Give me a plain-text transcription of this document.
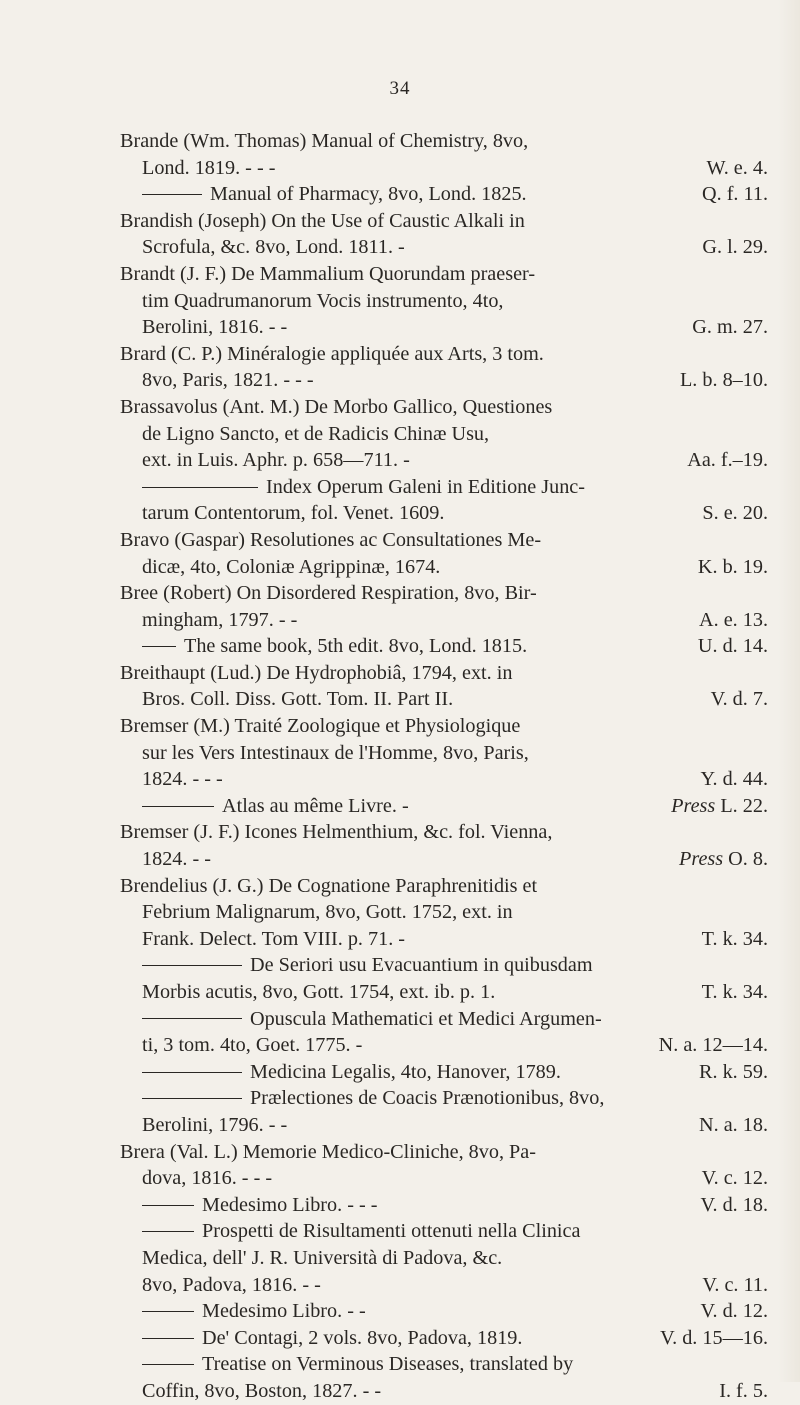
34
Brande (Wm. Thomas) Manual of Chemistry, 8vo,
Lond. 1819. - - -	W. e. 4.
Manual of Pharmacy, 8vo, Lond. 1825.	Q. f. 11.
Brandish (Joseph) On the Use of Caustic Alkali in
Scrofula, &c. 8vo, Lond. 1811. -	G. l. 29.
Brandt (J. F.) De Mammalium Quorundam praeser-
tim Quadrumanorum Vocis instrumento, 4to,
Berolini, 1816. - -	G. m. 27.
Brard (C. P.) Minéralogie appliquée aux Arts, 3 tom.
8vo, Paris, 1821. - - -	L. b. 8–10.
Brassavolus (Ant. M.) De Morbo Gallico, Questiones
de Ligno Sancto, et de Radicis Chinæ Usu,
ext. in Luis. Aphr. p. 658—711. -	Aa. f.–19.
Index Operum Galeni in Editione Junc-
tarum Contentorum, fol. Venet. 1609.	S. e. 20.
Bravo (Gaspar) Resolutiones ac Consultationes Me-
dicæ, 4to, Coloniæ Agrippinæ, 1674.	K. b. 19.
Bree (Robert) On Disordered Respiration, 8vo, Bir-
mingham, 1797. - -	A. e. 13.
The same book, 5th edit. 8vo, Lond. 1815.	U. d. 14.
Breithaupt (Lud.) De Hydrophobiâ, 1794, ext. in
Bros. Coll. Diss. Gott. Tom. II. Part II.	V. d. 7.
Bremser (M.) Traité Zoologique et Physiologique
sur les Vers Intestinaux de l'Homme, 8vo, Paris,
1824. - - -	Y. d. 44.
Atlas au même Livre. -	Press L. 22.
Bremser (J. F.) Icones Helmenthium, &c. fol. Vienna,
1824. - -	Press O. 8.
Brendelius (J. G.) De Cognatione Paraphrenitidis et
Febrium Malignarum, 8vo, Gott. 1752, ext. in
Frank. Delect. Tom VIII. p. 71. -	T. k. 34.
De Seriori usu Evacuantium in quibusdam
Morbis acutis, 8vo, Gott. 1754, ext. ib. p. 1.	T. k. 34.
Opuscula Mathematici et Medici Argumen-
ti, 3 tom. 4to, Goet. 1775. -	N. a. 12—14.
Medicina Legalis, 4to, Hanover, 1789.	R. k. 59.
Prælectiones de Coacis Prænotionibus, 8vo,
Berolini, 1796. - -	N. a. 18.
Brera (Val. L.) Memorie Medico-Cliniche, 8vo, Pa-
dova, 1816. - - -	V. c. 12.
Medesimo Libro. - - -	V. d. 18.
Prospetti de Risultamenti ottenuti nella Clinica
Medica, dell' J. R. Università di Padova, &c.
8vo, Padova, 1816. - -	V. c. 11.
Medesimo Libro. - -	V. d. 12.
De' Contagi, 2 vols. 8vo, Padova, 1819.	V. d. 15—16.
Treatise on Verminous Diseases, translated by
Coffin, 8vo, Boston, 1827. - -	I. f. 5.
